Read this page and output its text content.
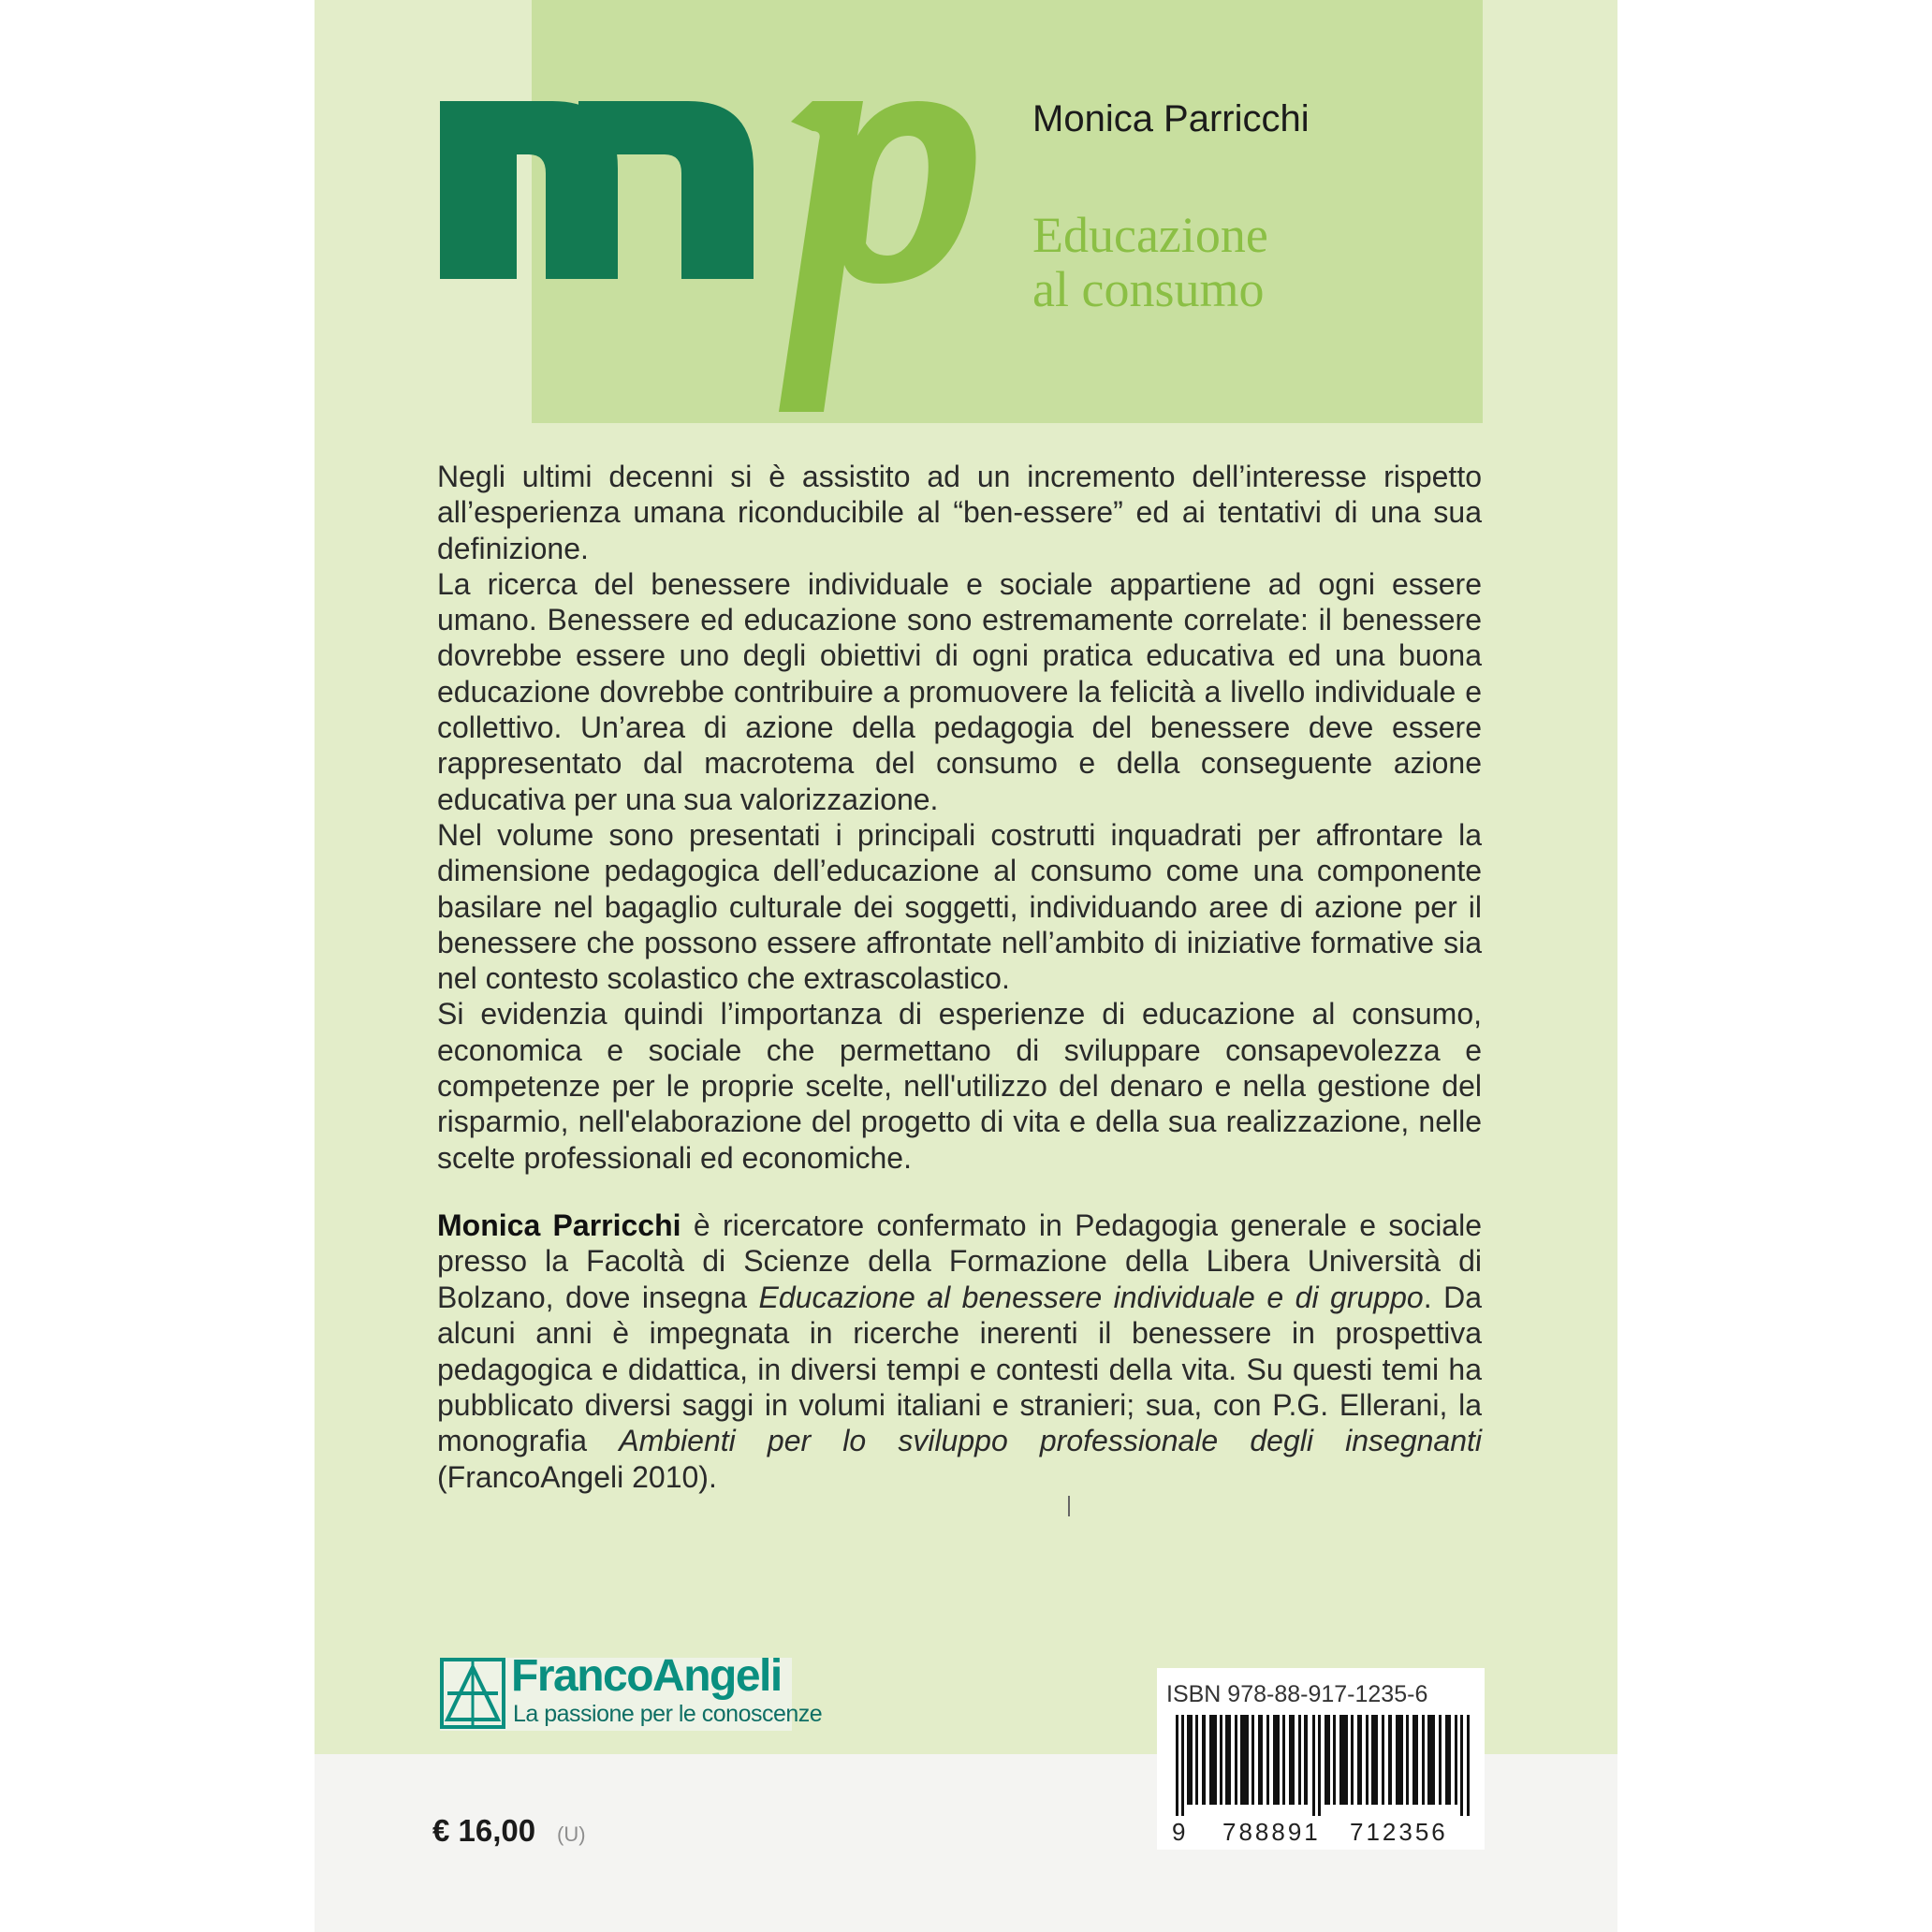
Monica Parricchi
Educazione
al consumo

Negli ultimi decenni si è assistito ad un incremento dell’interesse rispetto all’esperienza umana riconducibile al “ben-essere” ed ai tentativi di una sua definizione.

La ricerca del benessere individuale e sociale appartiene ad ogni essere umano. Benessere ed educazione sono estremamente correlate: il benessere dovrebbe essere uno degli obiettivi di ogni pratica educativa ed una buona educazione dovrebbe contribuire a promuovere la felicità a livello individuale e collettivo. Un’area di azione della pedagogia del benessere deve essere rappresentato dal macrotema del consumo e della conseguente azione educativa per una sua valorizzazione.

Nel volume sono presentati i principali costrutti inquadrati per affrontare la dimensione pedagogica dell’educazione al consumo come una componente basilare nel bagaglio culturale dei soggetti, individuando aree di azione per il benessere che possono essere affrontate nell’ambito di iniziative formative sia nel contesto scolastico che extrascolastico.

Si evidenzia quindi l’importanza di esperienze di educazione al consumo, economica e sociale che permettano di sviluppare consapevolezza e competenze per le proprie scelte, nell'utilizzo del denaro e nella gestione del risparmio, nell'elaborazione del progetto di vita e della sua realizzazione, nelle scelte professionali ed economiche.

Monica Parricchi è ricercatore confermato in Pedagogia generale e sociale presso la Facoltà di Scienze della Formazione della Libera Università di Bolzano, dove insegna Educazione al benessere individuale e di gruppo. Da alcuni anni è impegnata in ricerche inerenti il benessere in prospettiva pedagogica e didattica, in diversi tempi e contesti della vita. Su questi temi ha pubblicato diversi saggi in volumi italiani e stranieri; sua, con P.G. Ellerani, la monografia Ambienti per lo sviluppo professionale degli insegnanti (FrancoAngeli 2010).

FrancoAngeli
La passione per le conoscenze
€ 16,00 (U)
ISBN 978-88-917-1235-6
9 788891 712356
